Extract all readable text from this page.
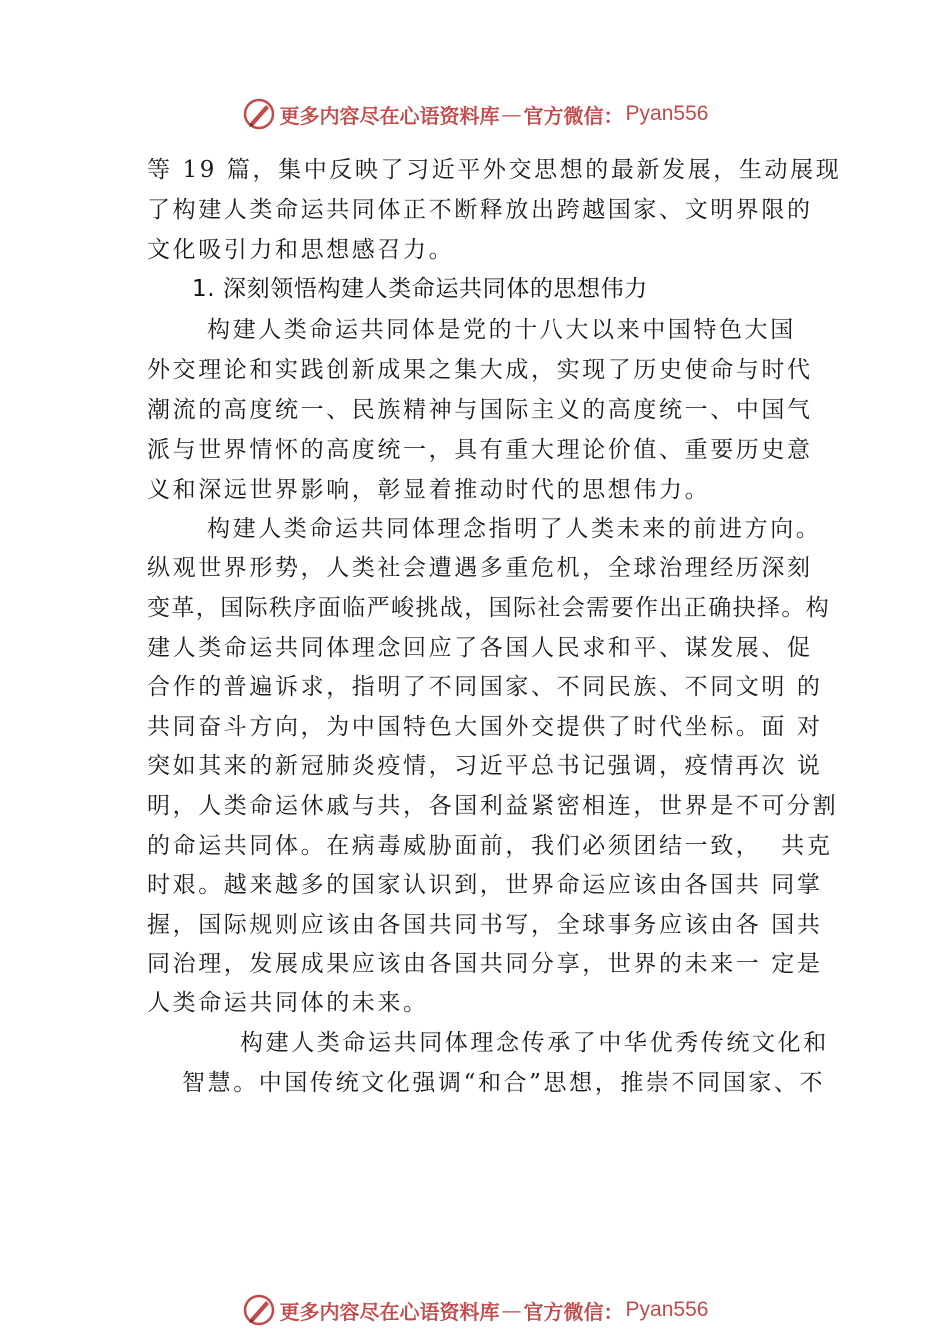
更多内容尽在心语资料库 — 官方微信： Pyan556
等 19 篇，集中反映了习近平外交思想的最新发展，生动展现
了构建人类命运共同体正不断释放出跨越国家、文明界限的
文化吸引力和思想感召力。
1. 深刻领悟构建人类命运共同体的思想伟力
构建人类命运共同体是党的十八大以来中国特色大国
外交理论和实践创新成果之集大成，实现了历史使命与时代
潮流的高度统一、民族精神与国际主义的高度统一、中国气
派与世界情怀的高度统一，具有重大理论价值、重要历史意
义和深远世界影响，彰显着推动时代的思想伟力。
构建人类命运共同体理念指明了人类未来的前进方向。
纵观世界形势，人类社会遭遇多重危机，全球治理经历深刻
变革，国际秩序面临严峻挑战，国际社会需要作出正确抉择。构
建人类命运共同体理念回应了各国人民求和平、谋发展、促
合作的普遍诉求，指明了不同国家、不同民族、不同文明 的
共同奋斗方向，为中国特色大国外交提供了时代坐标。面 对
突如其来的新冠肺炎疫情，习近平总书记强调，疫情再次 说
明，人类命运休戚与共，各国利益紧密相连，世界是不可分割
的命运共同体。在病毒威胁面前，我们必须团结一致，  共克
时艰。越来越多的国家认识到，世界命运应该由各国共 同掌
握，国际规则应该由各国共同书写，全球事务应该由各 国共
同治理，发展成果应该由各国共同分享，世界的未来一 定是
人类命运共同体的未来。
构建人类命运共同体理念传承了中华优秀传统文化和
智慧。中国传统文化强调“和合”思想，推崇不同国家、不
更多内容尽在心语资料库 — 官方微信： Pyan556
